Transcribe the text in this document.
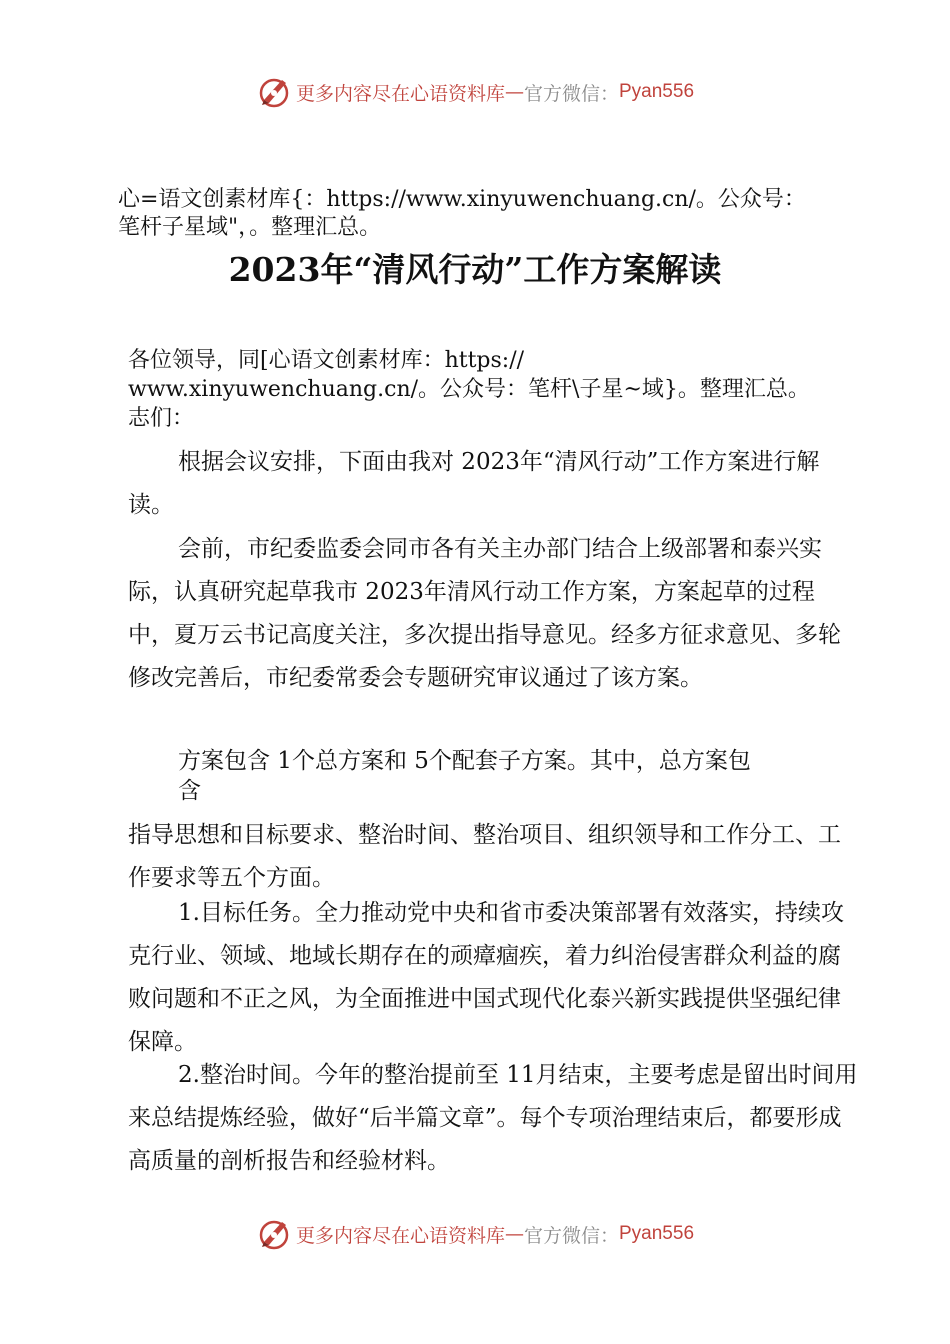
更多内容尽在心语资料库 — 官方微信： Pyan556
心=语文创素材库{：https://www.xinyuwenchuang.cn/。公众号：
笔杆子星域"，。整理汇总。
2023年“清风行动”工作方案解读
各位领导，同[心语文创素材库：https://
www.xinyuwenchuang.cn/。公众号：笔杆\子星~域}。整理汇总。
志们：
根据会议安排，下面由我对 2023年“清风行动”工作方案进行解读。
会前，市纪委监委会同市各有关主办部门结合上级部署和泰兴实际，认真研究起草我市 2023年清风行动工作方案，方案起草的过程中，夏万云书记高度关注，多次提出指导意见。经多方征求意见、多轮修改完善后，市纪委常委会专题研究审议通过了该方案。
方案包含 1个总方案和 5个配套子方案。其中，总方案包
含
指导思想和目标要求、整治时间、整治项目、组织领导和工作分工、工作要求等五个方面。
1.目标任务。全力推动党中央和省市委决策部署有效落实，持续攻克行业、领域、地域长期存在的顽瘴痼疾，着力纠治侵害群众利益的腐败问题和不正之风，为全面推进中国式现代化泰兴新实践提供坚强纪律保障。
2.整治时间。今年的整治提前至 11月结束，主要考虑是留出时间用来总结提炼经验，做好“后半篇文章”。每个专项治理结束后，都要形成高质量的剖析报告和经验材料。
更多内容尽在心语资料库 — 官方微信： Pyan556
